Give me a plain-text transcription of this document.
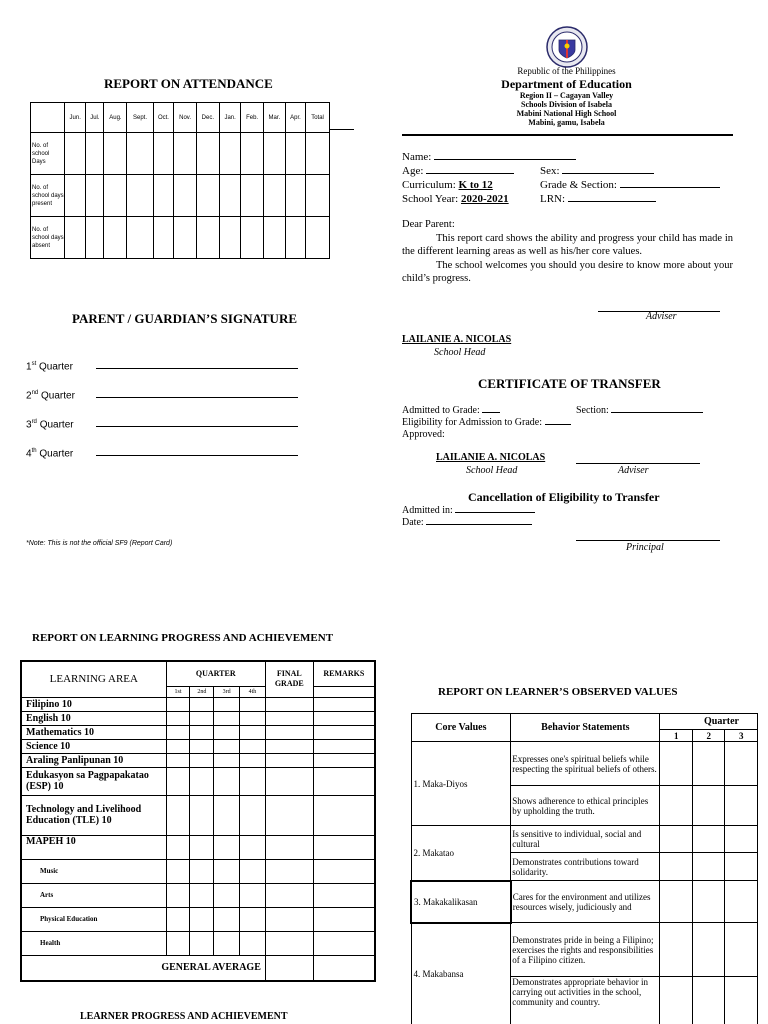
REPORT ON ATTENDANCE
	Jun.	Jul.	Aug.	Sept.	Oct.	Nov.	Dec.	Jan.	Feb.	Mar.	Apr.	Total
No. of school Days												
No. of school days present												
No. of school days absent												
PARENT / GUARDIAN’S SIGNATURE
1st Quarter
2nd Quarter
3rd Quarter
4th Quarter
*Note: This is not the official SF9 (Report Card)
Republic of the Philippines
Department of Education
Region II – Cagayan Valley
Schools Division of Isabela
Mabini National High School
Mabini, gamu, Isabela
Name:
Age:	Sex:
Curriculum: K to 12	Grade & Section:
School Year: 2020-2021	LRN:
Dear Parent:
This report card shows the ability and progress your child has made in the different learning areas as well as his/her core values.
The school welcomes you should you desire to know more about your child’s progress.
Adviser
LAILANIE A. NICOLAS
School Head
CERTIFICATE OF TRANSFER
Admitted to Grade:	Section:
Eligibility for Admission to Grade:
Approved:
LAILANIE A. NICOLAS
School Head	Adviser
Cancellation of Eligibility to Transfer
Admitted in:
Date:
Principal
REPORT ON LEARNING PROGRESS AND ACHIEVEMENT
LEARNING AREA	QUARTER				FINAL GRADE	REMARKS
	1st	2nd	3rd	4th		
Filipino 10						
English 10						
Mathematics 10						
Science 10						
Araling Panlipunan 10						
Edukasyon sa Pagpapakatao (ESP) 10						
Technology and Livelihood Education (TLE) 10						
MAPEH 10						
Music						
Arts						
Physical Education						
Health						
GENERAL AVERAGE						
LEARNER PROGRESS AND ACHIEVEMENT
REPORT ON LEARNER’S OBSERVED VALUES
Core Values	Behavior Statements	Quarter		
		1	2	3
1. Maka-Diyos	Expresses one's spiritual beliefs while respecting the spiritual beliefs of others.			
	Shows adherence to ethical principles by upholding the truth.			
2. Makatao	Is sensitive to individual, social and cultural			
	Demonstrates contributions toward solidarity.			
3. Makakalikasan	Cares for the environment and utilizes resources wisely, judiciously and			
4. Makabansa	Demonstrates pride in being a Filipino; exercises the rights and responsibilities of a Filipino citizen.			
	Demonstrates appropriate behavior in carrying out activities in the school, community and country.			
